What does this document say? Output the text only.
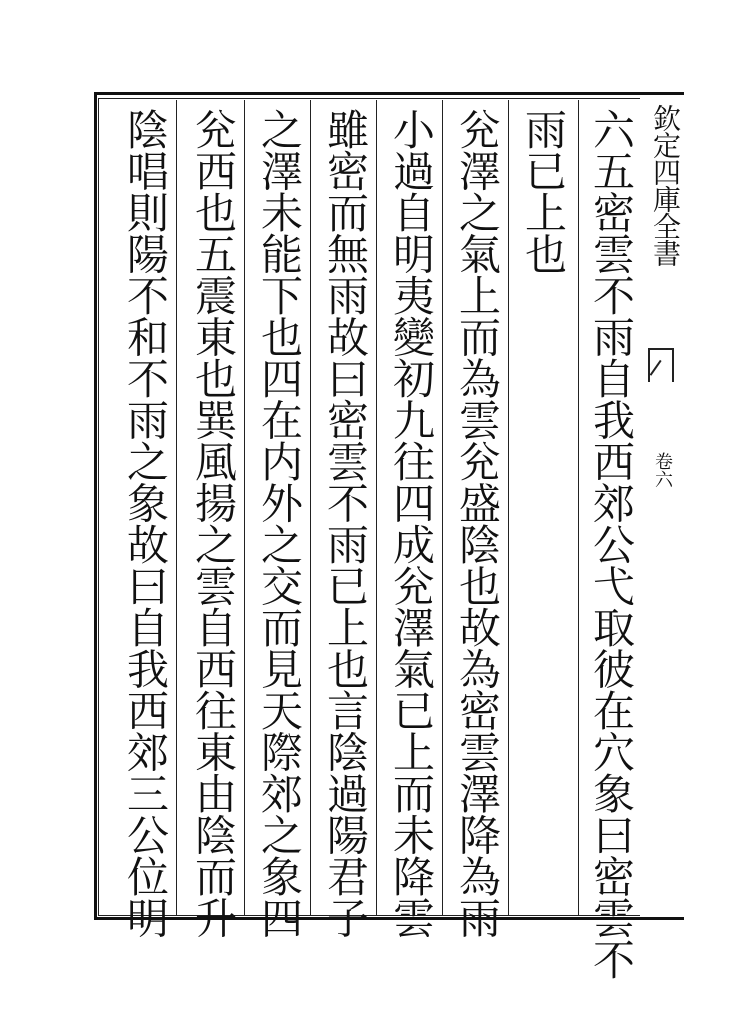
六五密雲不雨自我西郊公弋取彼在穴象曰密雲不
雨已上也
兊澤之氣上而為雲兊盛陰也故為密雲澤降為雨
小過自明夷變初九往四成兊澤氣已上而未降雲
雖密而無雨故曰密雲不雨已上也言陰過陽君子
之澤未能下也四在内外之交而見天際郊之象四
兊西也五震東也巽風揚之雲自西往東由陰而升
陰唱則陽不和不雨之象故曰自我西郊三公位明	欽定四庫全書
卷六
